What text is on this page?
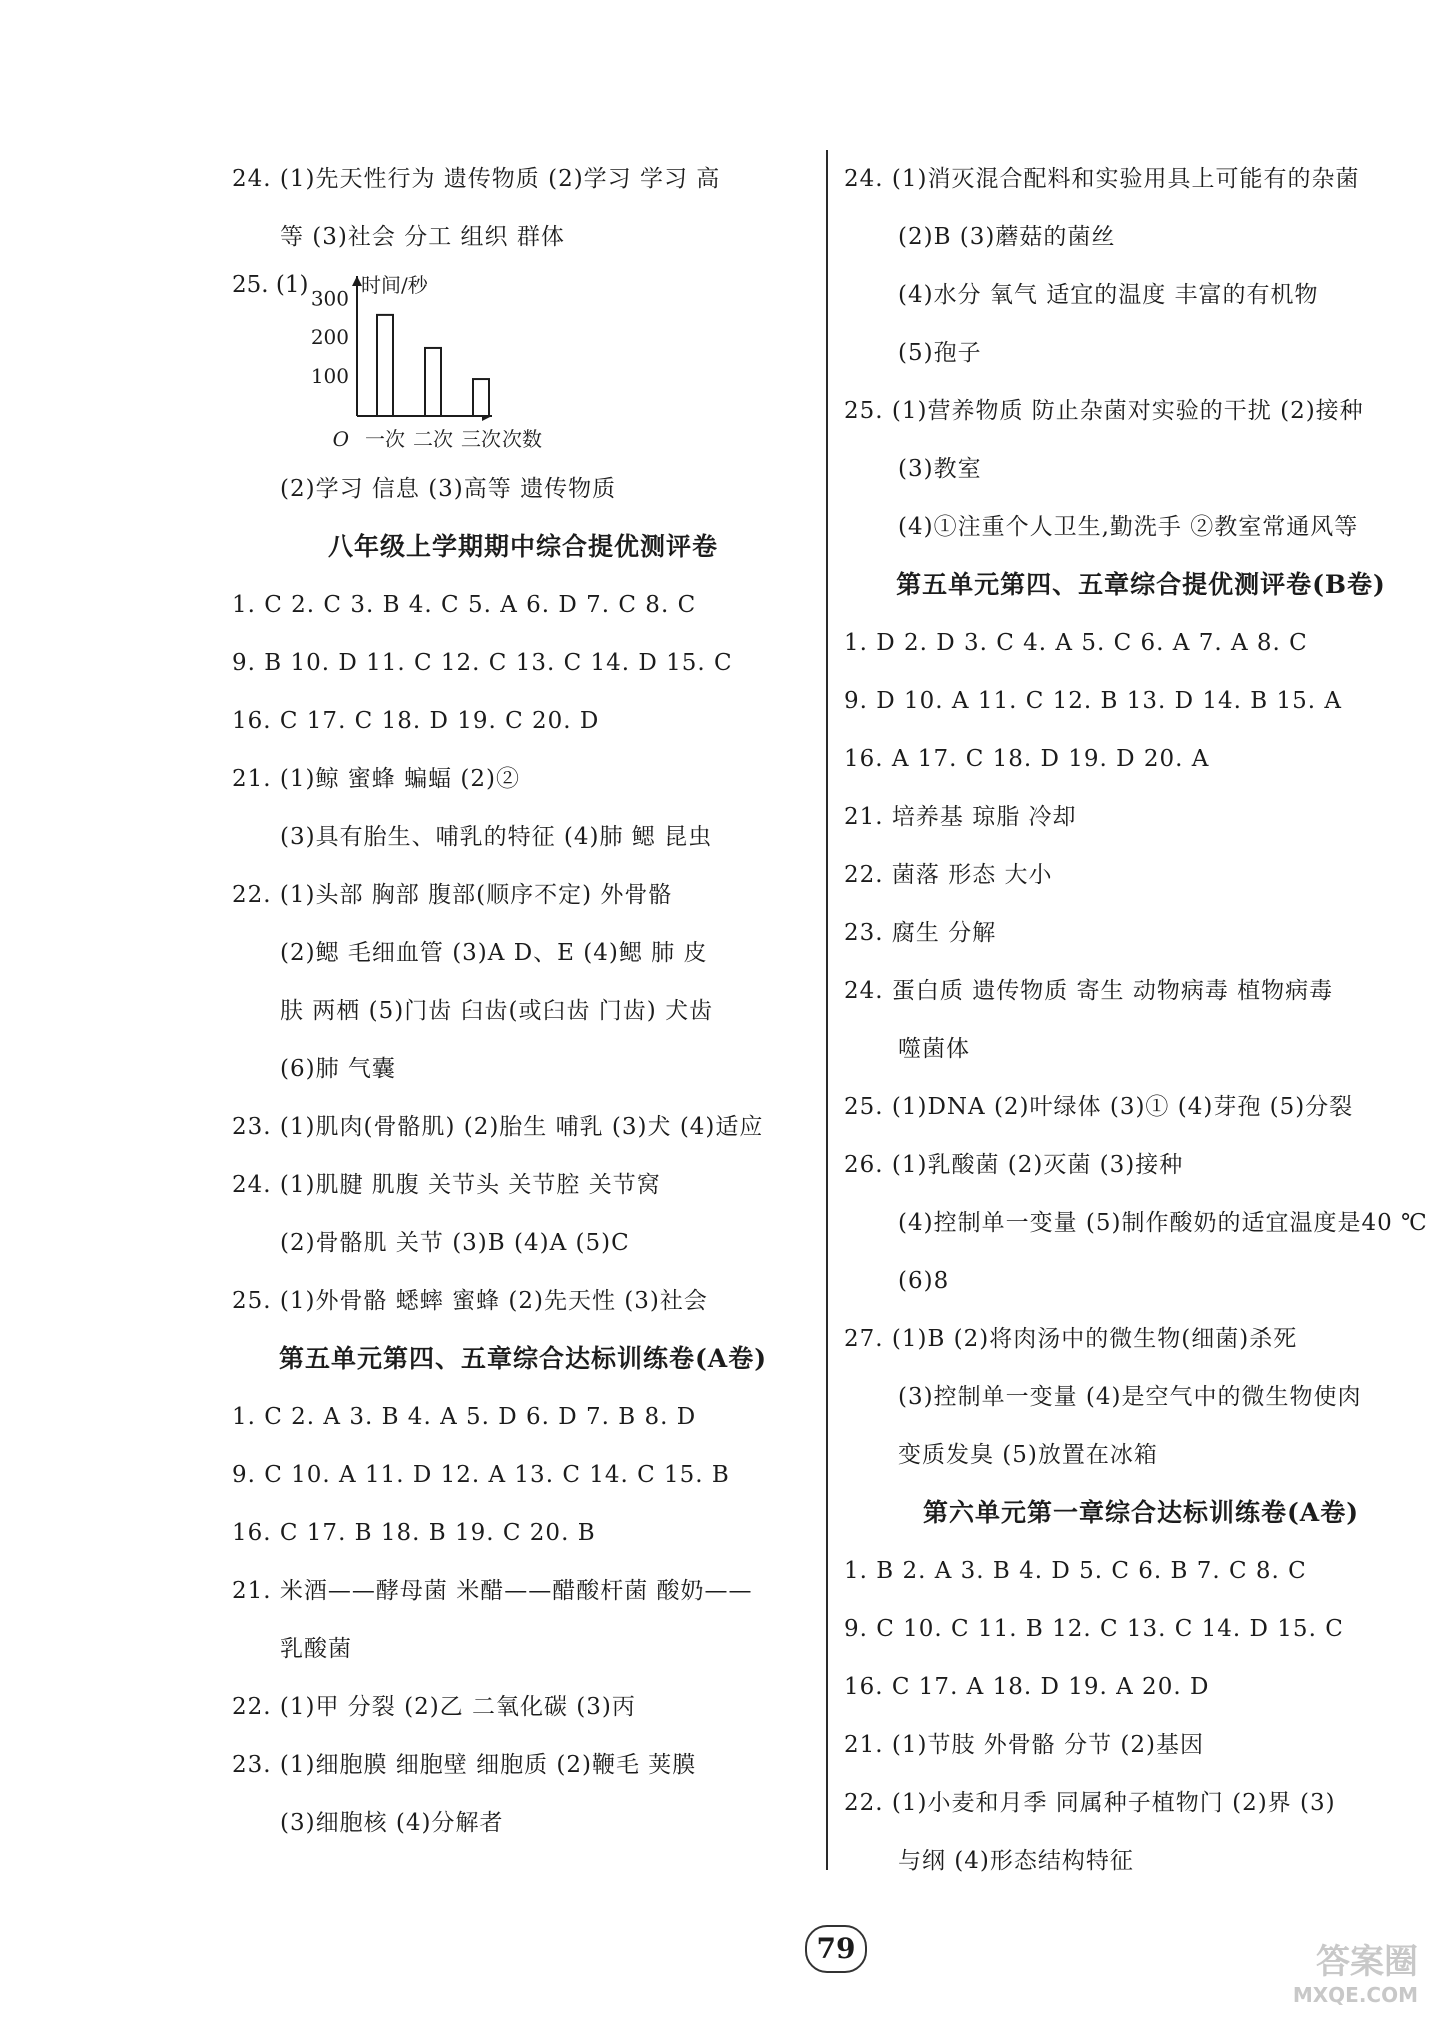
24. (1)先天性行为 遗传物质 (2)学习 学习 高
等 (3)社会 分工 组织 群体
25. (1)	时间/秒
100
200
300
O 一次 二次 三次 次数
(2)学习 信息 (3)高等 遗传物质
八年级上学期期中综合提优测评卷
1. C 2. C 3. B 4. C 5. A 6. D 7. C 8. C
9. B 10. D 11. C 12. C 13. C 14. D 15. C
16. C 17. C 18. D 19. C 20. D
21. (1)鲸 蜜蜂 蝙蝠 (2)②
(3)具有胎生、哺乳的特征 (4)肺 鳃 昆虫
22. (1)头部 胸部 腹部(顺序不定) 外骨骼
(2)鳃 毛细血管 (3)A D、E (4)鳃 肺 皮
肤 两栖 (5)门齿 臼齿(或臼齿 门齿) 犬齿
(6)肺 气囊
23. (1)肌肉(骨骼肌) (2)胎生 哺乳 (3)犬 (4)适应
24. (1)肌腱 肌腹 关节头 关节腔 关节窝
(2)骨骼肌 关节 (3)B (4)A (5)C
25. (1)外骨骼 蟋蟀 蜜蜂 (2)先天性 (3)社会
第五单元第四、五章综合达标训练卷(A卷)
1. C 2. A 3. B 4. A 5. D 6. D 7. B 8. D
9. C 10. A 11. D 12. A 13. C 14. C 15. B
16. C 17. B 18. B 19. C 20. B
21. 米酒——酵母菌 米醋——醋酸杆菌 酸奶——
乳酸菌
22. (1)甲 分裂 (2)乙 二氧化碳 (3)丙
23. (1)细胞膜 细胞壁 细胞质 (2)鞭毛 荚膜
(3)细胞核 (4)分解者
24. (1)消灭混合配料和实验用具上可能有的杂菌
(2)B (3)蘑菇的菌丝
(4)水分 氧气 适宜的温度 丰富的有机物
(5)孢子
25. (1)营养物质 防止杂菌对实验的干扰 (2)接种
(3)教室
(4)①注重个人卫生,勤洗手 ②教室常通风等
第五单元第四、五章综合提优测评卷(B卷)
1. D 2. D 3. C 4. A 5. C 6. A 7. A 8. C
9. D 10. A 11. C 12. B 13. D 14. B 15. A
16. A 17. C 18. D 19. D 20. A
21. 培养基 琼脂 冷却
22. 菌落 形态 大小
23. 腐生 分解
24. 蛋白质 遗传物质 寄生 动物病毒 植物病毒
噬菌体
25. (1)DNA (2)叶绿体 (3)① (4)芽孢 (5)分裂
26. (1)乳酸菌 (2)灭菌 (3)接种
(4)控制单一变量 (5)制作酸奶的适宜温度是40 ℃
(6)8
27. (1)B (2)将肉汤中的微生物(细菌)杀死
(3)控制单一变量 (4)是空气中的微生物使肉
变质发臭 (5)放置在冰箱
第六单元第一章综合达标训练卷(A卷)
1. B 2. A 3. B 4. D 5. C 6. B 7. C 8. C
9. C 10. C 11. B 12. C 13. C 14. D 15. C
16. C 17. A 18. D 19. A 20. D
21. (1)节肢 外骨骼 分节 (2)基因
22. (1)小麦和月季 同属种子植物门 (2)界 (3)
与纲 (4)形态结构特征
79	答案圈
MXQE.COM
